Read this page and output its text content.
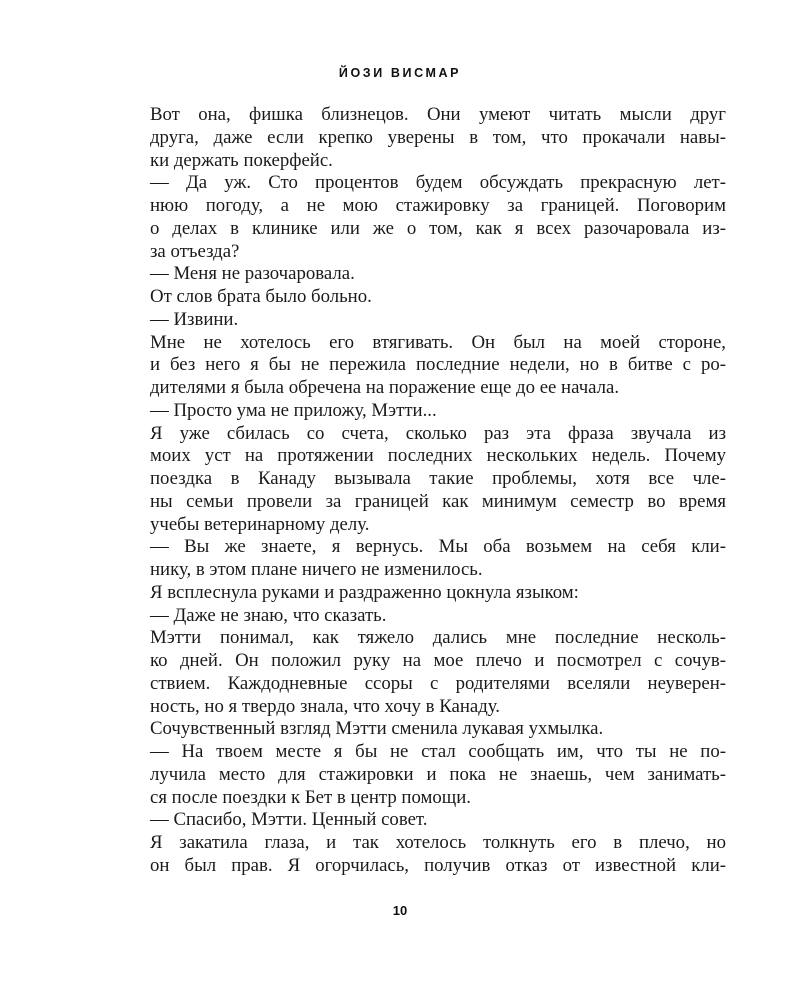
ЙОЗИ ВИСМАР
Вот она, фишка близнецов. Они умеют читать мысли друг
друга, даже если крепко уверены в том, что прокачали навы-
ки держать покерфейс.
— Да уж. Сто процентов будем обсуждать прекрасную лет-
нюю погоду, а не мою стажировку за границей. Поговорим
о делах в клинике или же о том, как я всех разочаровала из-
за отъезда?
— Меня не разочаровала.
От слов брата было больно.
— Извини.
Мне не хотелось его втягивать. Он был на моей стороне,
и без него я бы не пережила последние недели, но в битве с ро-
дителями я была обречена на поражение еще до ее начала.
— Просто ума не приложу, Мэтти...
Я уже сбилась со счета, сколько раз эта фраза звучала из
моих уст на протяжении последних нескольких недель. Почему
поездка в Канаду вызывала такие проблемы, хотя все чле-
ны семьи провели за границей как минимум семестр во время
учебы ветеринарному делу.
— Вы же знаете, я вернусь. Мы оба возьмем на себя кли-
нику, в этом плане ничего не изменилось.
Я всплеснула руками и раздраженно цокнула языком:
— Даже не знаю, что сказать.
Мэтти понимал, как тяжело дались мне последние несколь-
ко дней. Он положил руку на мое плечо и посмотрел с сочув-
ствием. Каждодневные ссоры с родителями вселяли неуверен-
ность, но я твердо знала, что хочу в Канаду.
Сочувственный взгляд Мэтти сменила лукавая ухмылка.
— На твоем месте я бы не стал сообщать им, что ты не по-
лучила место для стажировки и пока не знаешь, чем занимать-
ся после поездки к Бет в центр помощи.
— Спасибо, Мэтти. Ценный совет.
Я закатила глаза, и так хотелось толкнуть его в плечо, но
он был прав. Я огорчилась, получив отказ от известной кли-
10
